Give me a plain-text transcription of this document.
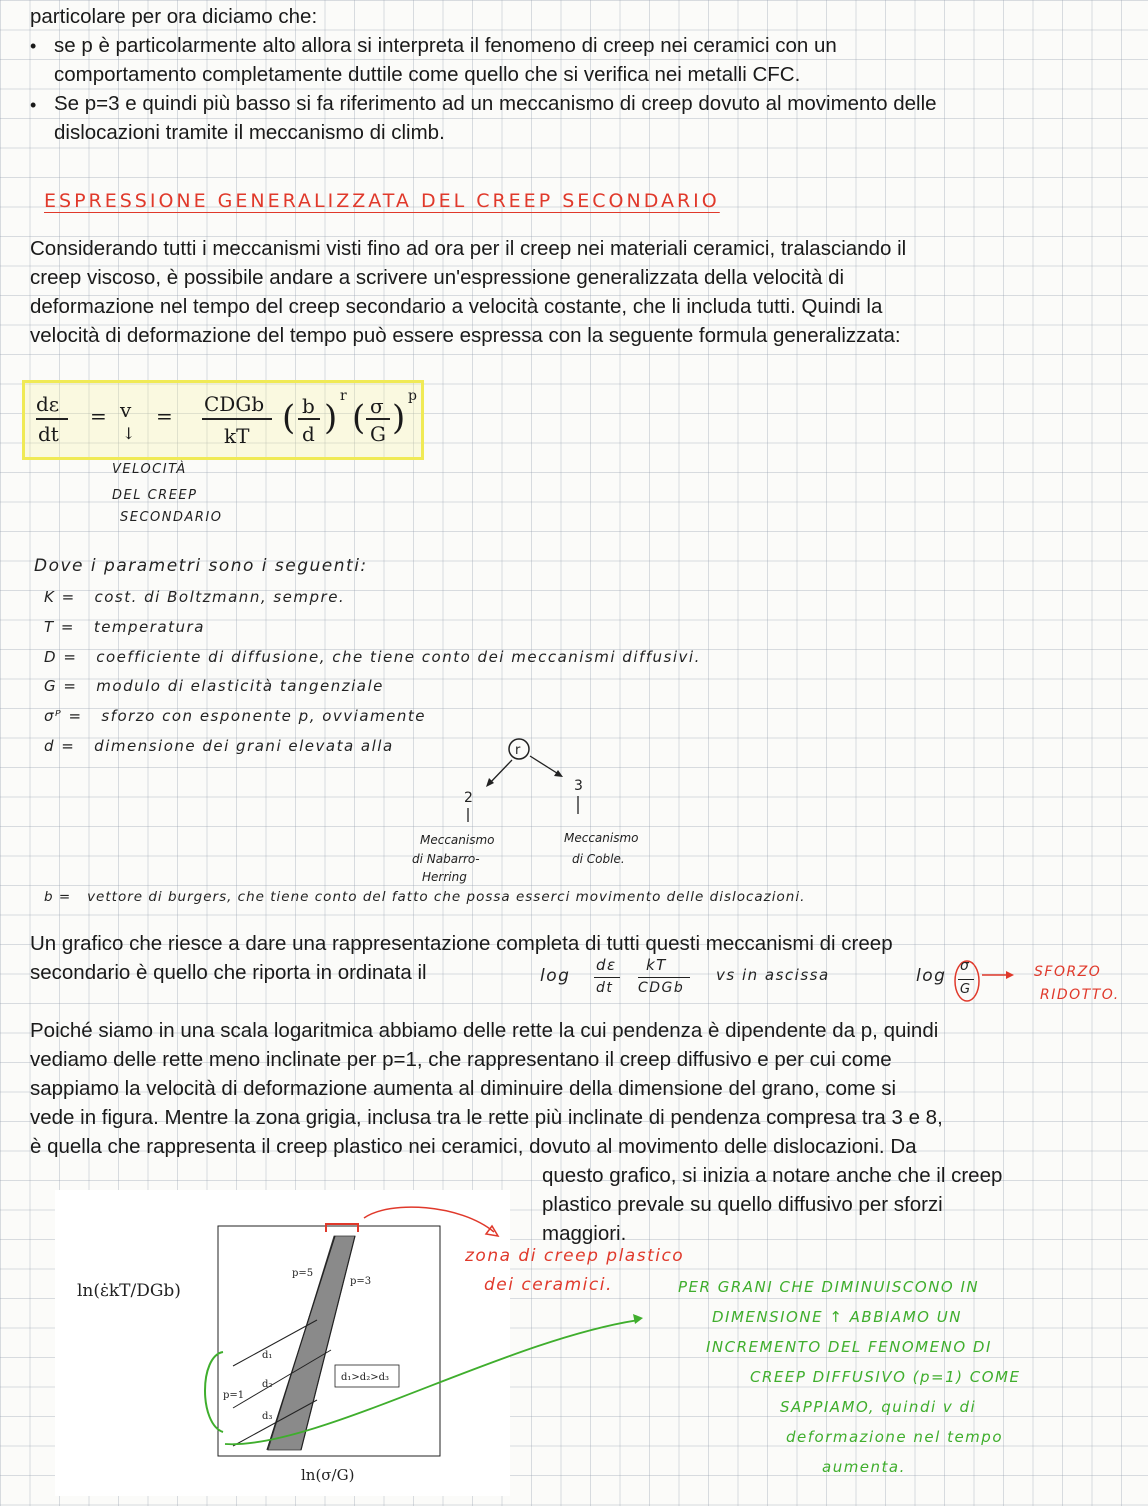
particolare per ora diciamo che:
• se p è particolarmente alto allora si interpreta il fenomeno di creep nei ceramici con un
comportamento completamente duttile come quello che si verifica nei metalli CFC.
• Se p=3 e quindi più basso si fa riferimento ad un meccanismo di creep dovuto al movimento delle
dislocazioni tramite il meccanismo di climb.
ESPRESSIONE GENERALIZZATA DEL CREEP SECONDARIO
Considerando tutti i meccanismi visti fino ad ora per il creep nei materiali ceramici, tralasciando il
creep viscoso, è possibile andare a scrivere un'espressione generalizzata della velocità di
deformazione nel tempo del creep secondario a velocità costante, che li includa tutti. Quindi la
velocità di deformazione del tempo può essere espressa con la seguente formula generalizzata:
dε
dt
= v
↓
= CDGb
kT ( b
d )
r
( σ
G )
p
VELOCITÀ
DEL CREEP
SECONDARIO
Dove i parametri sono i seguenti:
K = cost. di Boltzmann, sempre.
T = temperatura
D = coefficiente di diffusione, che tiene conto dei meccanismi diffusivi.
G = modulo di elasticità tangenziale
σᴾ = sforzo con esponente p, ovviamente
d = dimensione dei grani elevata alla	r
2
3
Meccanismo
di Nabarro-
Herring
Meccanismo
di Coble.
b = vettore di burgers, che tiene conto del fatto che possa esserci movimento delle dislocazioni.
Un grafico che riesce a dare una rappresentazione completa di tutti questi meccanismi di creep
secondario è quello che riporta in ordinata il	log
dε
dt
kT
CDGb
vs in ascissa	log σ
G
SFORZO
RIDOTTO.
Poiché siamo in una scala logaritmica abbiamo delle rette la cui pendenza è dipendente da p, quindi
vediamo delle rette meno inclinate per p=1, che rappresentano il creep diffusivo e per cui come
sappiamo la velocità di deformazione aumenta al diminuire della dimensione del grano, come si
vede in figura. Mentre la zona grigia, inclusa tra le rette più inclinate di pendenza compresa tra 3 e 8,
è quella che rappresenta il creep plastico nei ceramici, dovuto al movimento delle dislocazioni. Da
questo grafico, si inizia a notare anche che il creep
plastico prevale su quello diffusivo per sforzi
maggiori.
p=5
p=3
p=1
d₁
d₂
d₃
d₁>d₂>d₃
ln(ε̇kT/DGb)
ln(σ/G)
zona di creep plastico
dei ceramici.	PER GRANI CHE DIMINUISCONO IN
DIMENSIONE ↑ ABBIAMO UN
INCREMENTO DEL FENOMENO DI
CREEP DIFFUSIVO (p=1) COME
SAPPIAMO, quindi v di
deformazione nel tempo
aumenta.
